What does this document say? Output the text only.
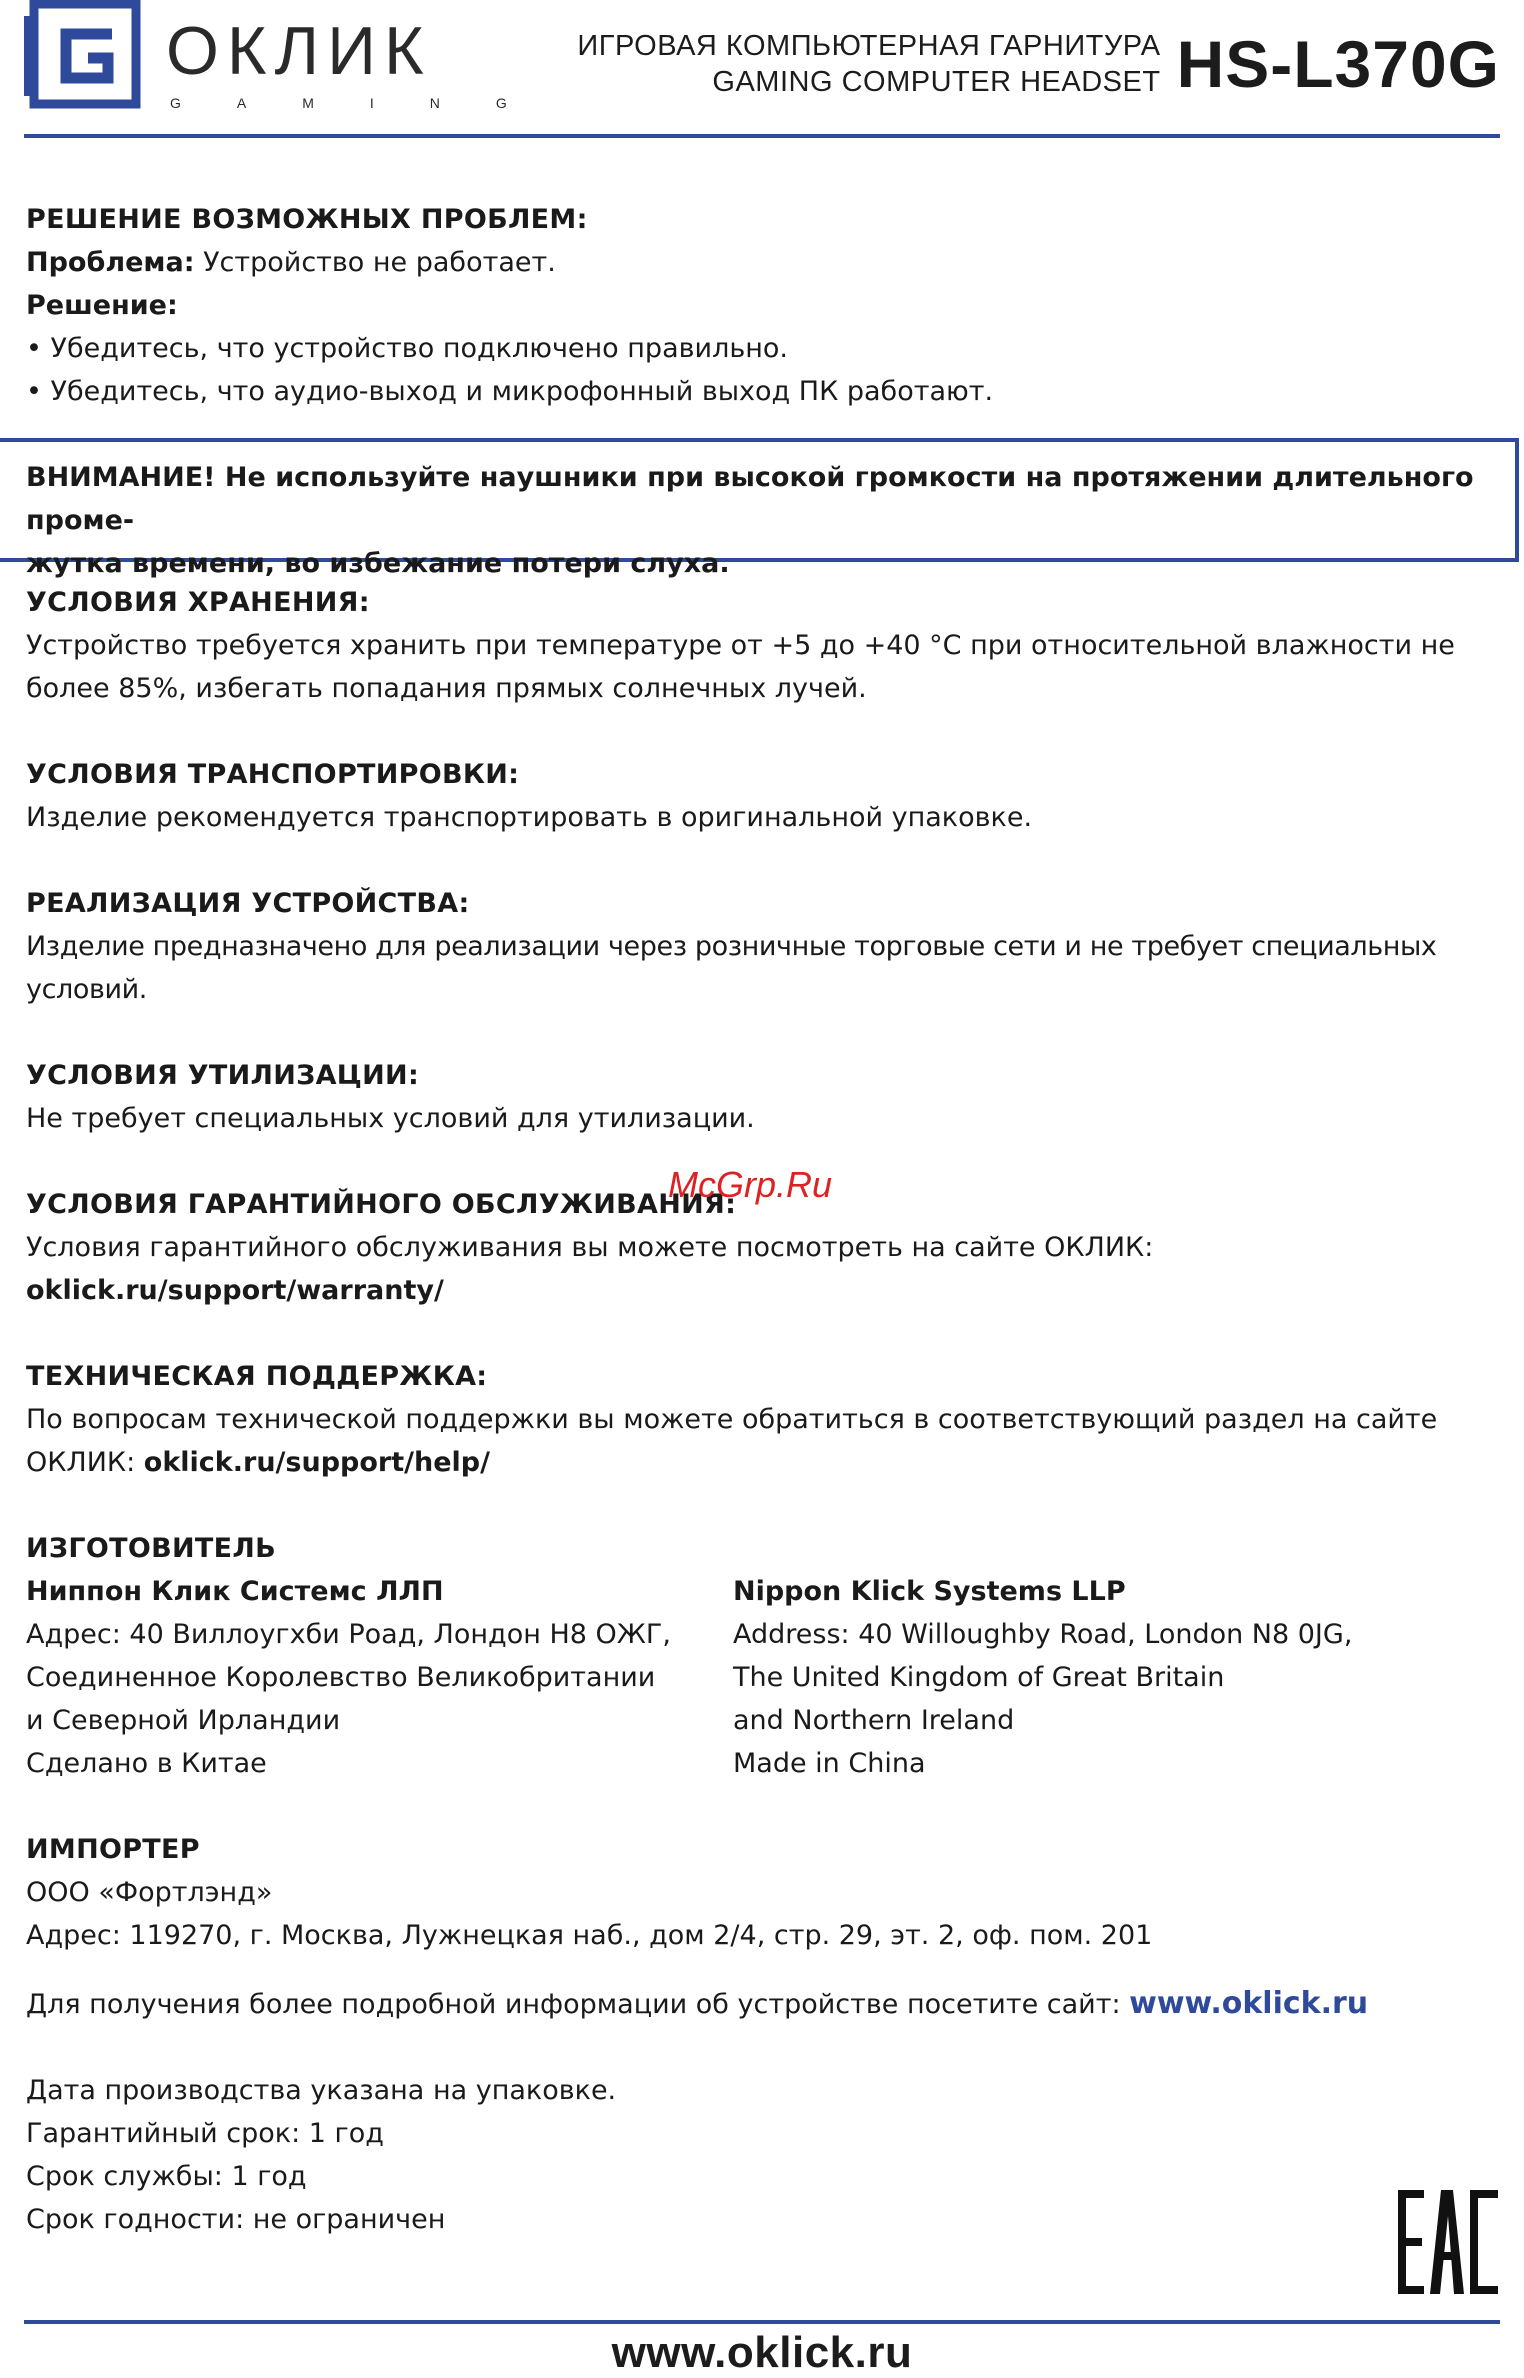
ОКЛИК
GAMING
ИГРОВАЯ КОМПЬЮТЕРНАЯ ГАРНИТУРА
GAMING COMPUTER HEADSET HS-L370G

РЕШЕНИЕ ВОЗМОЖНЫХ ПРОБЛЕМ:

Проблема: Устройство не работает.

Решение:

• Убедитесь, что устройство подключено правильно.

• Убедитесь, что аудио-выход и микрофонный выход ПК работают.

ВНИМАНИЕ! Не используйте наушники при высокой громкости на протяжении длительного проме-

жутка времени, во избежание потери слуха.

УСЛОВИЯ ХРАНЕНИЯ:

Устройство требуется хранить при температуре от +5 до +40 °C при относительной влажности не

более 85%, избегать попадания прямых солнечных лучей.

УСЛОВИЯ ТРАНСПОРТИРОВКИ:

Изделие рекомендуется транспортировать в оригинальной упаковке.

РЕАЛИЗАЦИЯ УСТРОЙСТВА:

Изделие предназначено для реализации через розничные торговые сети и не требует специальных условий.

УСЛОВИЯ УТИЛИЗАЦИИ:

Не требует специальных условий для утилизации.

УСЛОВИЯ ГАРАНТИЙНОГО ОБСЛУЖИВАНИЯ:

Условия гарантийного обслуживания вы можете посмотреть на сайте ОКЛИК: oklick.ru/support/warranty/

ТЕХНИЧЕСКАЯ ПОДДЕРЖКА:

По вопросам технической поддержки вы можете обратиться в соответствующий раздел на сайте

ОКЛИК: oklick.ru/support/help/

ИЗГОТОВИТЕЛЬ

Ниппон Клик Системс ЛЛП

Адрес: 40 Виллоугхби Роад, Лондон Н8 ОЖГ,

Соединенное Королевство Великобритании

и Северной Ирландии

Сделано в Китае

Nippon Klick Systems LLP

Address: 40 Willoughby Road, London N8 0JG,

The United Kingdom of Great Britain

and Northern Ireland

Made in China

ИМПОРТЕР

ООО «Фортлэнд»

Адрес: 119270, г. Москва, Лужнецкая наб., дом 2/4, стр. 29, эт. 2, оф. пом. 201

Для получения более подробной информации об устройстве посетите сайт: www.oklick.ru

Дата производства указана на упаковке.

Гарантийный срок: 1 год

Срок службы: 1 год

Срок годности: не ограничен

McGrp.Ru
www.oklick.ru
